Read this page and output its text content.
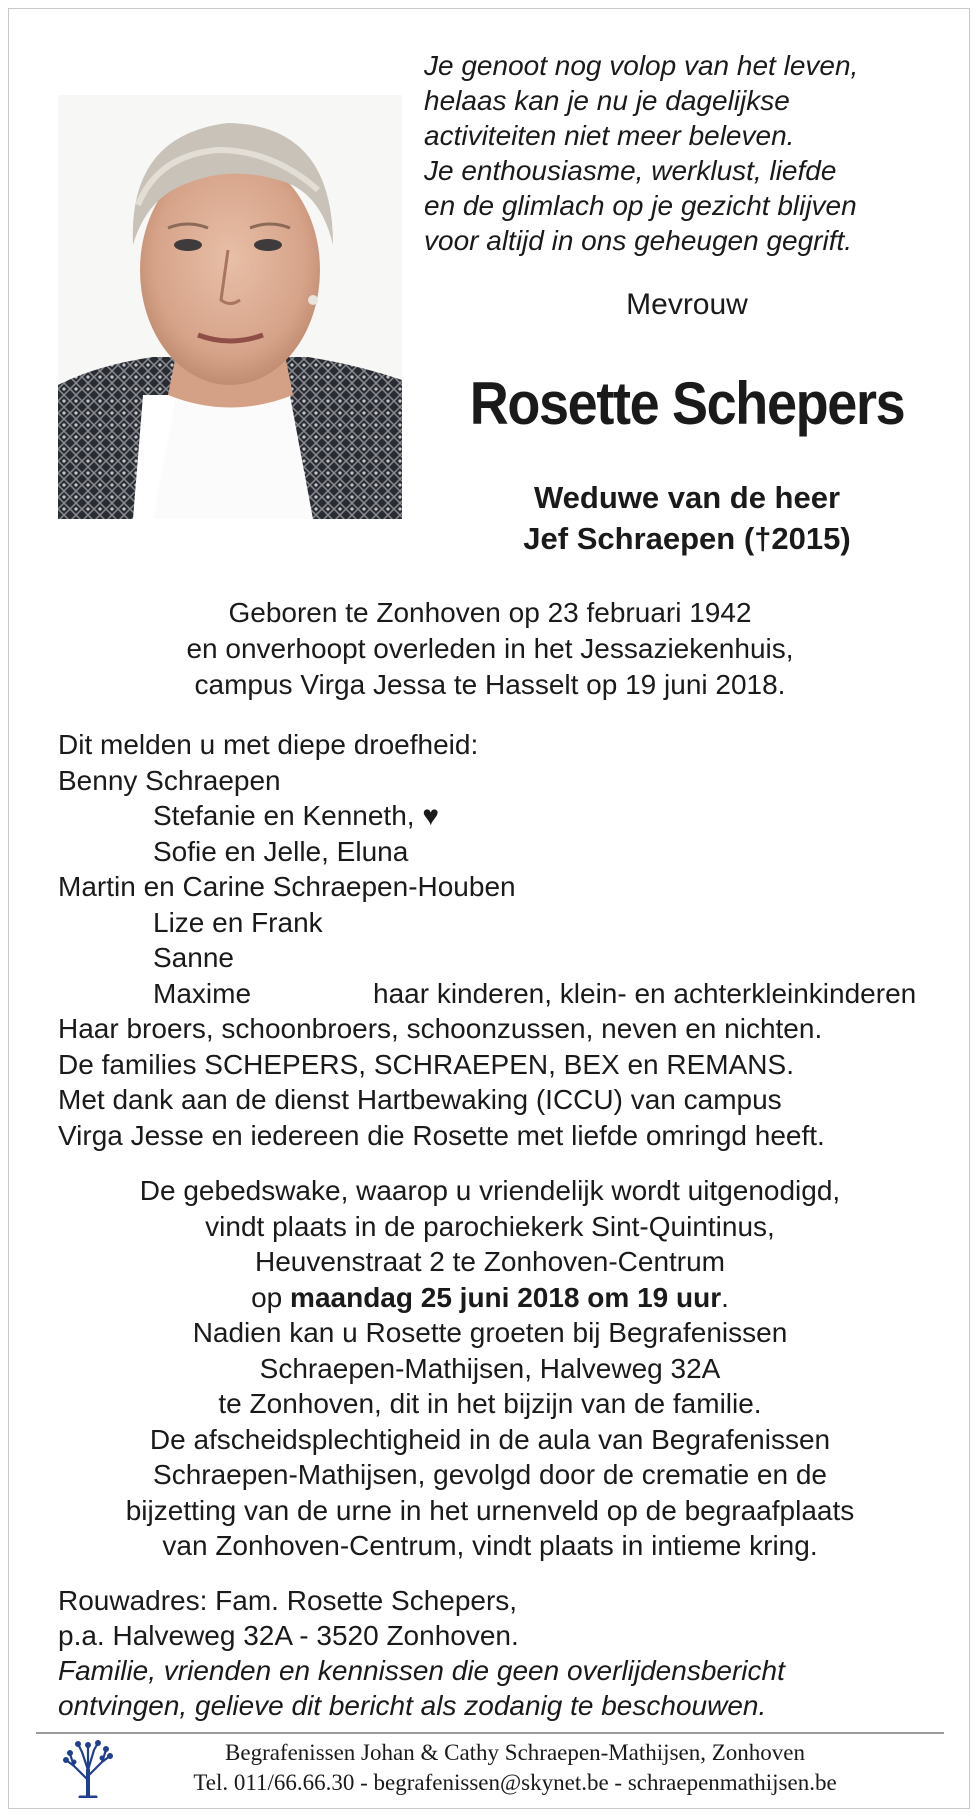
Je genoot nog volop van het leven,
helaas kan je nu je dagelijkse
activiteiten niet meer beleven.
Je enthousiasme, werklust, liefde
en de glimlach op je gezicht blijven
voor altijd in ons geheugen gegrift.
Mevrouw
Rosette Schepers
Weduwe van de heer
Jef Schraepen (†2015)
Geboren te Zonhoven op 23 februari 1942
en onverhoopt overleden in het Jessaziekenhuis,
campus Virga Jessa te Hasselt op 19 juni 2018.
Dit melden u met diepe droefheid:
Benny Schraepen
Stefanie en Kenneth, ♥
Sofie en Jelle, Eluna
Martin en Carine Schraepen-Houben
Lize en Frank
Sanne
Maxime	haar kinderen, klein- en achterkleinkinderen
Haar broers, schoonbroers, schoonzussen, neven en nichten.
De families SCHEPERS, SCHRAEPEN, BEX en REMANS.
Met dank aan de dienst Hartbewaking (ICCU) van campus
Virga Jesse en iedereen die Rosette met liefde omringd heeft.
De gebedswake, waarop u vriendelijk wordt uitgenodigd,
vindt plaats in de parochiekerk Sint-Quintinus,
Heuvenstraat 2 te Zonhoven-Centrum
op maandag 25 juni 2018 om 19 uur.
Nadien kan u Rosette groeten bij Begrafenissen
Schraepen-Mathijsen, Halveweg 32A
te Zonhoven, dit in het bijzijn van de familie.
De afscheidsplechtigheid in de aula van Begrafenissen
Schraepen-Mathijsen, gevolgd door de crematie en de
bijzetting van de urne in het urnenveld op de begraafplaats
van Zonhoven-Centrum, vindt plaats in intieme kring.
Rouwadres: Fam. Rosette Schepers,
p.a. Halveweg 32A - 3520 Zonhoven.
Familie, vrienden en kennissen die geen overlijdensbericht
ontvingen, gelieve dit bericht als zodanig te beschouwen.
Begrafenissen Johan & Cathy Schraepen-Mathijsen, Zonhoven
Tel. 011/66.66.30 - begrafenissen@skynet.be - schraepenmathijsen.be
